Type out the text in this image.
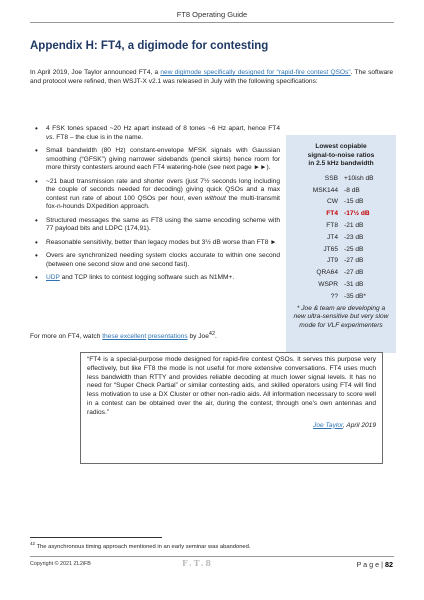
FT8 Operating Guide
Appendix H: FT4, a digimode for contesting
In April 2019, Joe Taylor announced FT4, a new digimode specifically designed for “rapid-fire contest QSOs”. The software and protocol were refined, then WSJT-X v2.1 was released in July with the following specifications:
• 4 FSK tones spaced ~20 Hz apart instead of 8 tones ~6 Hz apart, hence FT4 vs. FT8 – the clue is in the name.
• Small bandwidth (80 Hz) constant-envelope MFSK signals with Gaussian smoothing (“GFSK”) giving narrower sidebands (pencil skirts) hence room for more thirsty contesters around each FT4 watering-hole (see next page ►►).
• ~21 baud transmission rate and shorter overs (just 7½ seconds long including the couple of seconds needed for decoding) giving quick QSOs and a max contest run rate of about 100 QSOs per hour, even without the multi-transmit fox-n-hounds DXpedition approach.
• Structured messages the same as FT8 using the same encoding scheme with 77 payload bits and LDPC (174,91).
• Reasonable sensitivity, better than legacy modes but 3½ dB worse than FT8 ►
• Overs are synchronized needing system clocks accurate to within one second (between one second slow and one second fast).
• UDP and TCP links to contest logging software such as N1MM+.
Lowest copiable
signal-to-noise ratios
in 2.5 kHz bandwidth
SSB	+10ish dB
MSK144	-8 dB
CW	-15 dB
FT4	-17½ dB
FT8	-21 dB
JT4	-23 dB
JT65	-25 dB
JT9	-27 dB
QRA64	-27 dB
WSPR	-31 dB
??	-35 dB*
* Joe & team are developing a new ultra-sensitive but very slow mode for VLF experimenters
For more on FT4, watch these excellent presentations by Joe$^{42}$.
“FT4 is a special-purpose mode designed for rapid-fire contest QSOs. It serves this purpose very effectively, but like FT8 the mode is not useful for more extensive conversations. FT4 uses much less bandwidth than RTTY and provides reliable decoding at much lower signal levels. It has no need for “Super Check Partial” or similar contesting aids, and skilled operators using FT4 will find less motivation to use a DX Cluster or other non-radio aids. All information necessary to score well in a contest can be obtained over the air, during the contest, through one’s own antennas and radios.”
Joe Taylor, April 2019
$^{42}$ The asynchronous timing approach mentioned in an early seminar was abandoned.
Copyright © 2021 ZL2iFB	F.T.8	P a g e | 82
